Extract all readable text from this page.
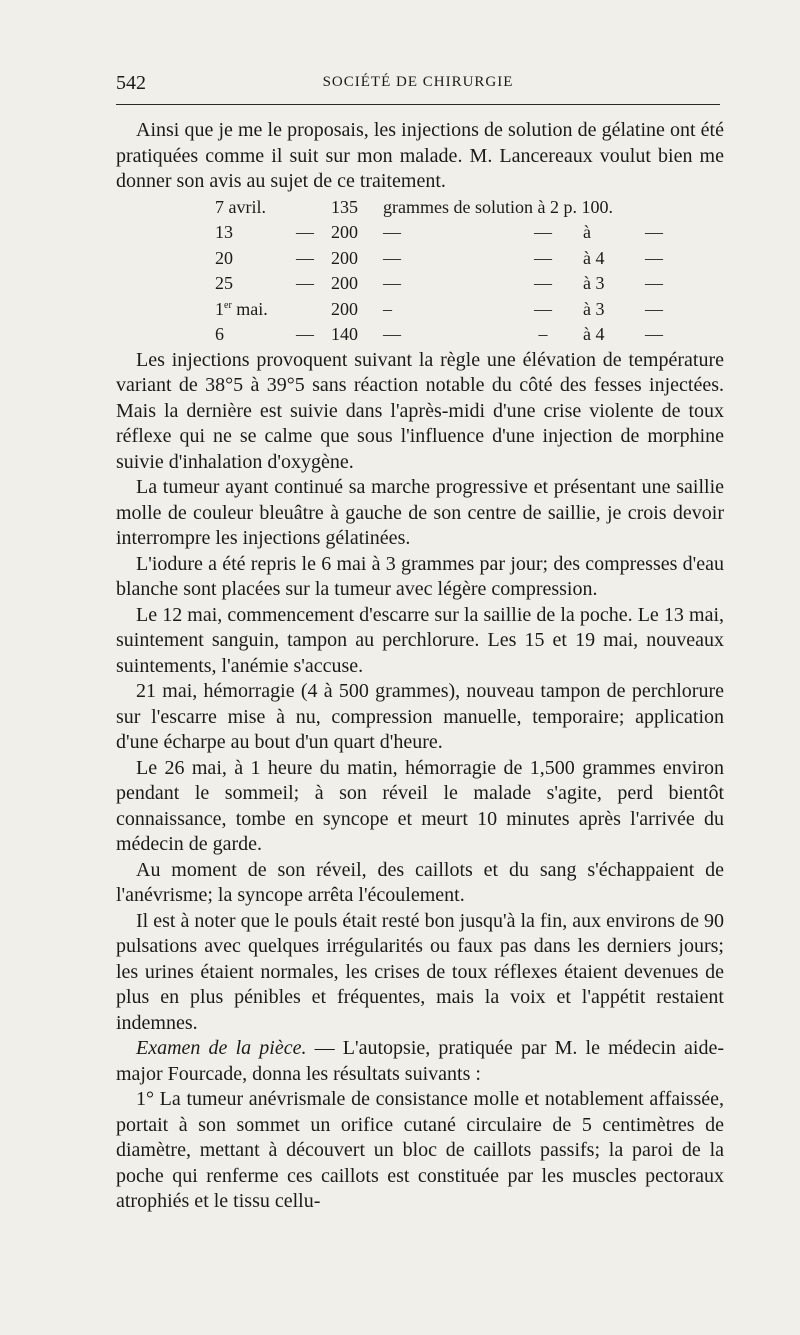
542	SOCIÉTÉ DE CHIRURGIE

Ainsi que je me le proposais, les injections de solution de gélatine ont été pratiquées comme il suit sur mon malade. M. Lancereaux voulut bien me donner son avis au sujet de ce traitement.

7 avril.		135	grammes de solution à 2 p. 100.			
13	—	200	—	—	à	—
20	—	200	—	—	à 4	—
25	—	200	—	—	à 3	—
1er mai.		200	–	—	à 3	—
6	—	140	—	–	à 4	—

Les injections provoquent suivant la règle une élévation de température variant de 38°5 à 39°5 sans réaction notable du côté des fesses injectées. Mais la dernière est suivie dans l'après-midi d'une crise violente de toux réflexe qui ne se calme que sous l'influence d'une injection de morphine suivie d'inhalation d'oxygène.

La tumeur ayant continué sa marche progressive et présentant une saillie molle de couleur bleuâtre à gauche de son centre de saillie, je crois devoir interrompre les injections gélatinées.

L'iodure a été repris le 6 mai à 3 grammes par jour; des compresses d'eau blanche sont placées sur la tumeur avec légère compression.

Le 12 mai, commencement d'escarre sur la saillie de la poche. Le 13 mai, suintement sanguin, tampon au perchlorure. Les 15 et 19 mai, nouveaux suintements, l'anémie s'accuse.

21 mai, hémorragie (4 à 500 grammes), nouveau tampon de perchlorure sur l'escarre mise à nu, compression manuelle, temporaire; application d'une écharpe au bout d'un quart d'heure.

Le 26 mai, à 1 heure du matin, hémorragie de 1,500 grammes environ pendant le sommeil; à son réveil le malade s'agite, perd bientôt connaissance, tombe en syncope et meurt 10 minutes après l'arrivée du médecin de garde.

Au moment de son réveil, des caillots et du sang s'échappaient de l'anévrisme; la syncope arrêta l'écoulement.

Il est à noter que le pouls était resté bon jusqu'à la fin, aux environs de 90 pulsations avec quelques irrégularités ou faux pas dans les derniers jours; les urines étaient normales, les crises de toux réflexes étaient devenues de plus en plus pénibles et fréquentes, mais la voix et l'appétit restaient indemnes.

Examen de la pièce. — L'autopsie, pratiquée par M. le médecin aide-major Fourcade, donna les résultats suivants :

1° La tumeur anévrismale de consistance molle et notablement affaissée, portait à son sommet un orifice cutané circulaire de 5 centimètres de diamètre, mettant à découvert un bloc de caillots passifs; la paroi de la poche qui renferme ces caillots est constituée par les muscles pectoraux atrophiés et le tissu cellu-
